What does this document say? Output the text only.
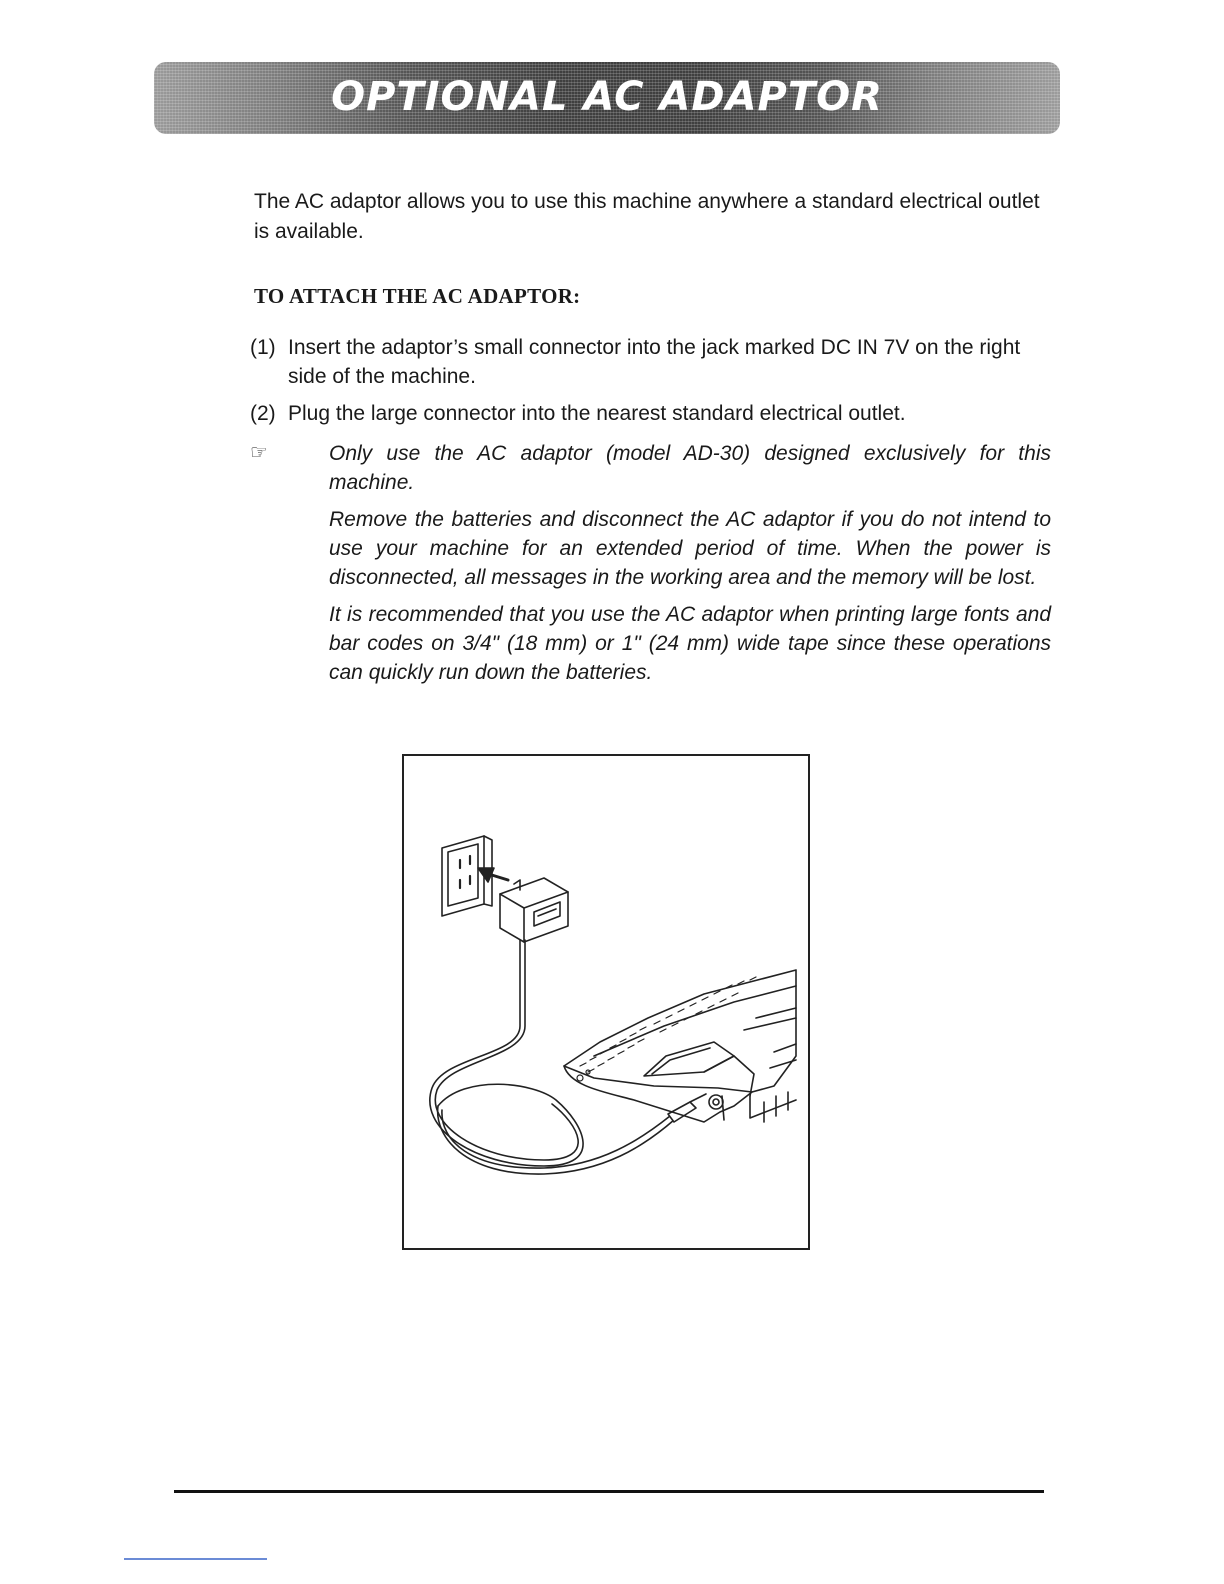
OPTIONAL AC ADAPTOR

The AC adaptor allows you to use this machine anywhere a standard electrical outlet is available.

TO ATTACH THE AC ADAPTOR:
(1) Insert the adaptor’s small connector into the jack marked DC IN 7V on the right side of the machine.
(2) Plug the large connector into the nearest standard electrical outlet.
☞	Only use the AC adaptor (model AD-30) designed exclusively for this machine.

Remove the batteries and disconnect the AC adaptor if you do not intend to use your machine for an extended period of time. When the power is disconnected, all messages in the working area and the memory will be lost.

It is recommended that you use the AC adaptor when printing large fonts and bar codes on 3/4" (18 mm) or 1" (24 mm) wide tape since these operations can quickly run down the batteries.
